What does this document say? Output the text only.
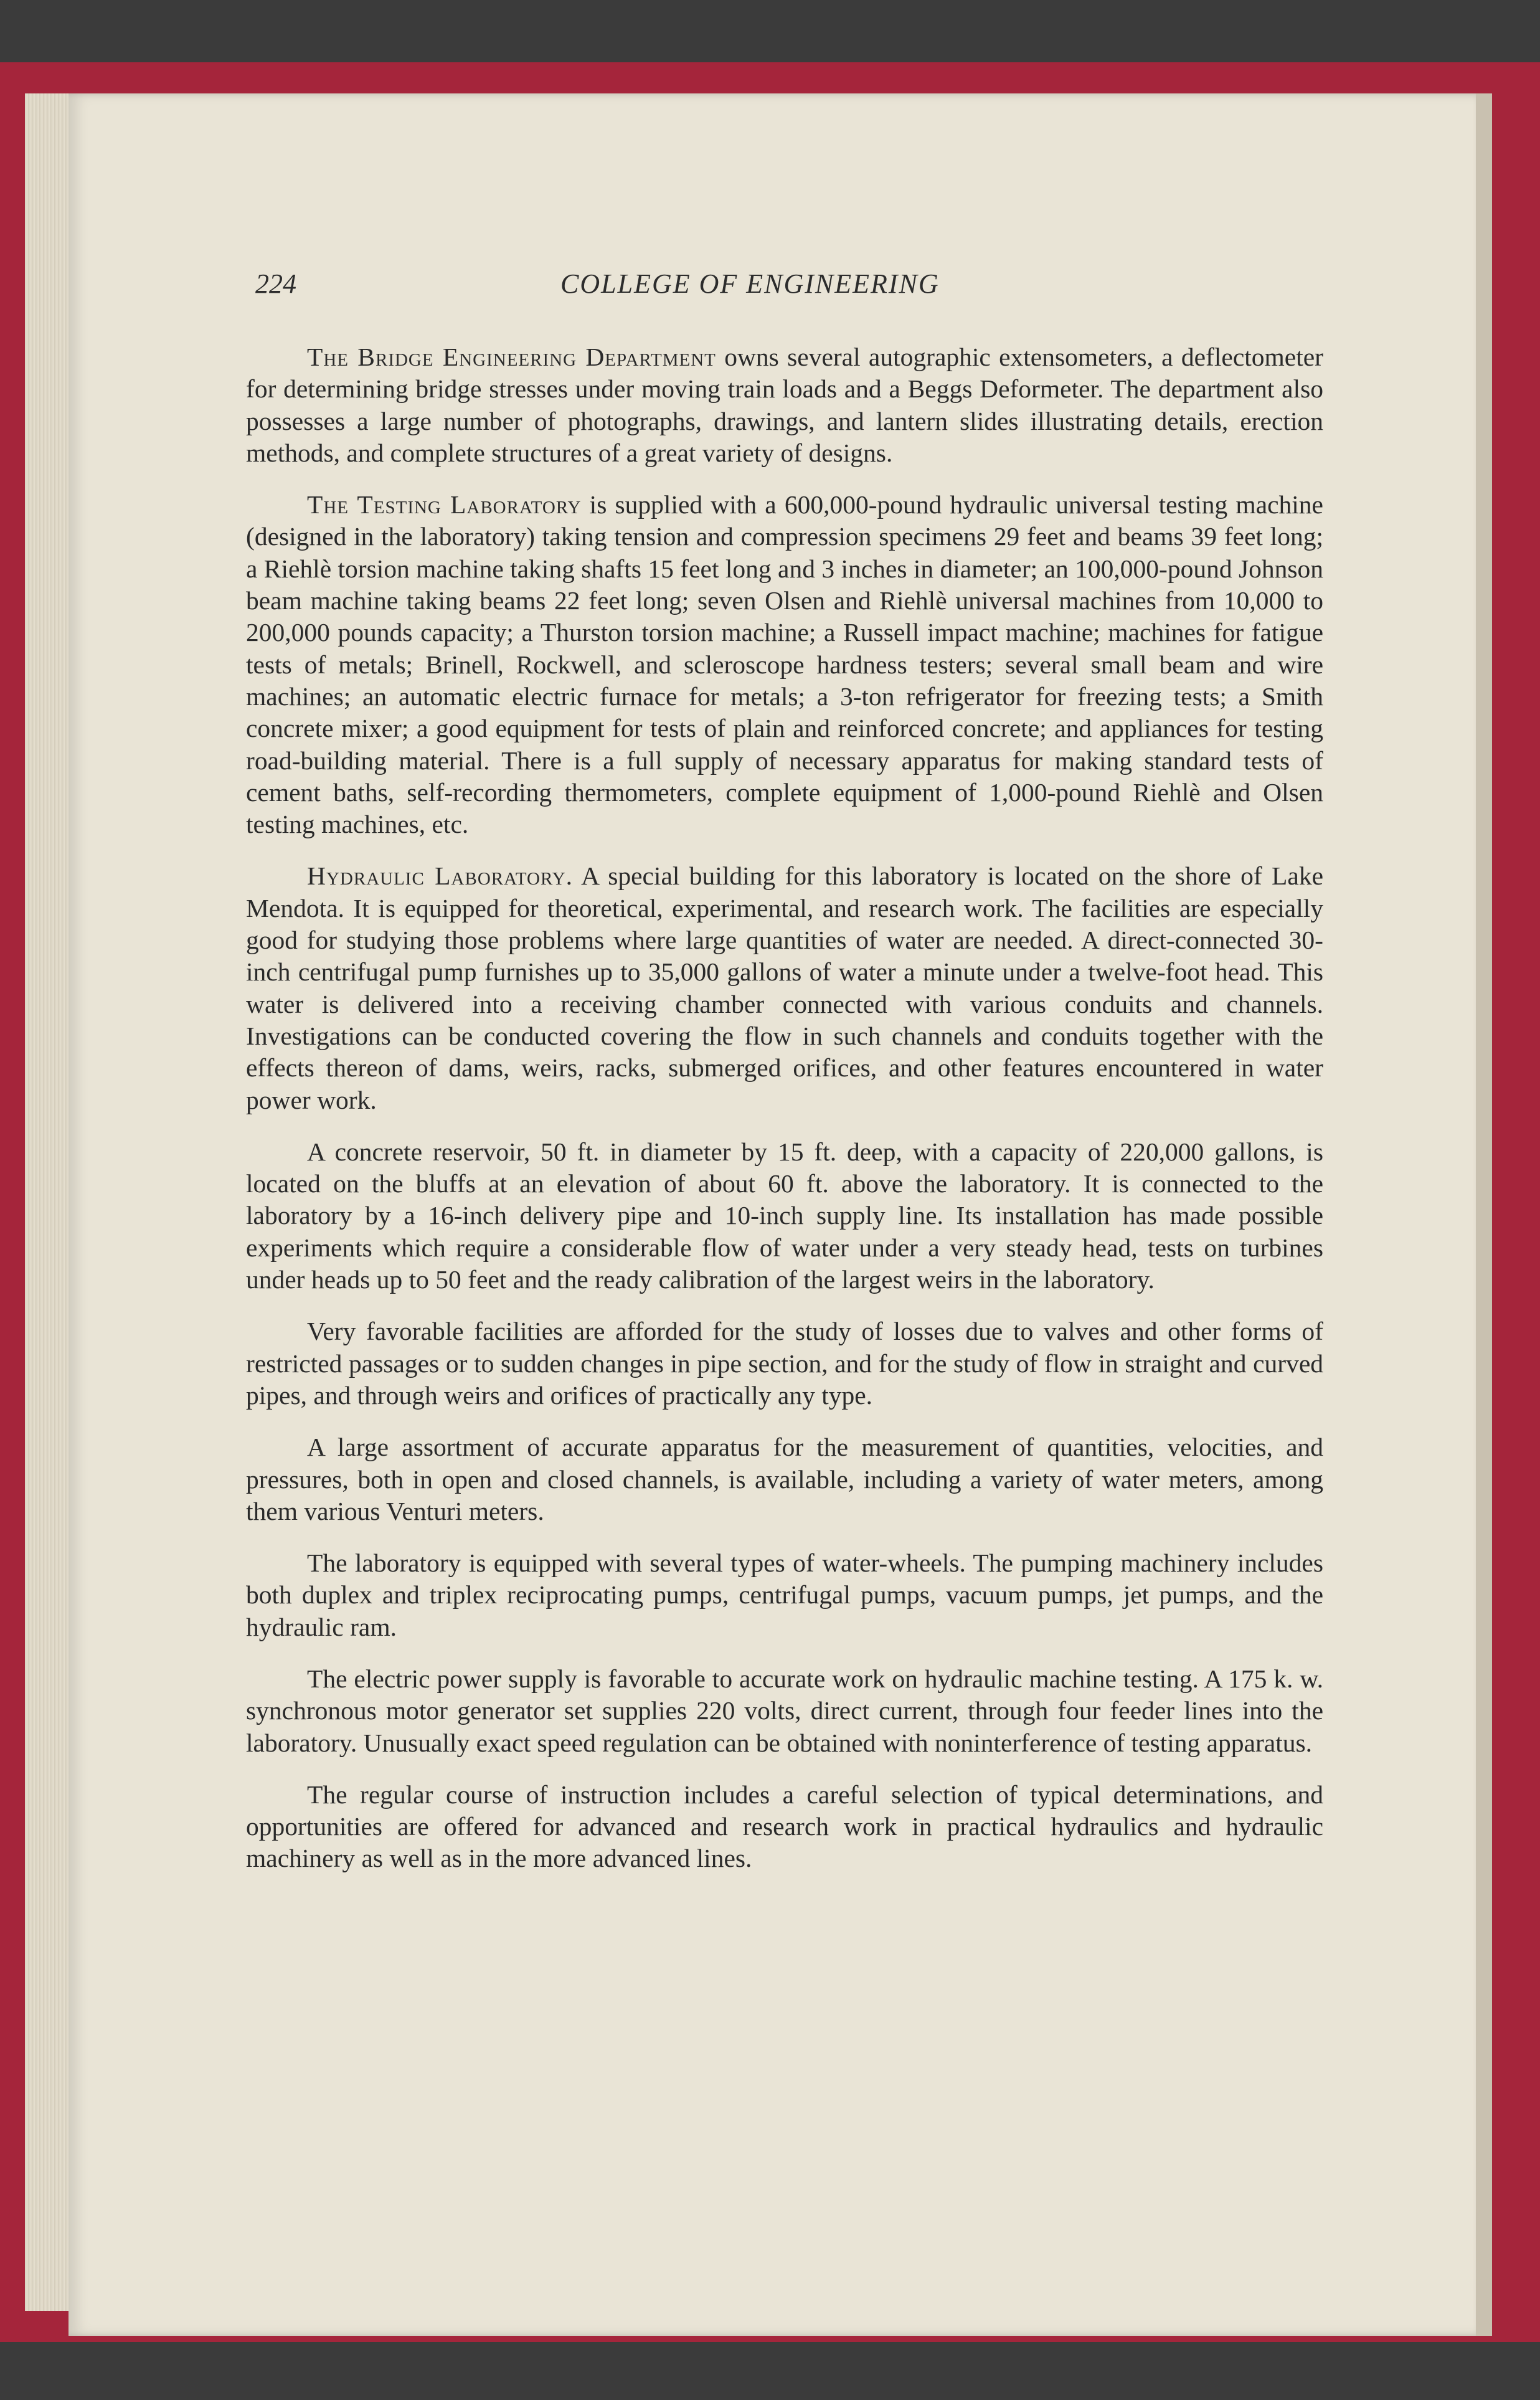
224	COLLEGE OF ENGINEERING

The Bridge Engineering Department owns several autographic extensometers, a deflectometer for determining bridge stresses under moving train loads and a Beggs Deformeter. The department also possesses a large number of photographs, drawings, and lantern slides illustrating details, erection methods, and complete structures of a great variety of designs.

The Testing Laboratory is supplied with a 600,000-pound hydraulic universal testing machine (designed in the laboratory) taking tension and compression specimens 29 feet and beams 39 feet long; a Riehlè torsion machine taking shafts 15 feet long and 3 inches in diameter; an 100,000-pound Johnson beam machine taking beams 22 feet long; seven Olsen and Riehlè universal machines from 10,000 to 200,000 pounds capacity; a Thurston torsion machine; a Russell impact machine; machines for fatigue tests of metals; Brinell, Rockwell, and scleroscope hardness testers; several small beam and wire machines; an automatic electric furnace for metals; a 3-ton refrigerator for freezing tests; a Smith concrete mixer; a good equipment for tests of plain and reinforced concrete; and appliances for testing road-building material. There is a full supply of necessary apparatus for making standard tests of cement baths, self-recording thermometers, complete equipment of 1,000-pound Riehlè and Olsen testing machines, etc.

Hydraulic Laboratory. A special building for this laboratory is located on the shore of Lake Mendota. It is equipped for theoretical, experimental, and research work. The facilities are especially good for studying those problems where large quantities of water are needed. A direct-connected 30-inch centrifugal pump furnishes up to 35,000 gallons of water a minute under a twelve-foot head. This water is delivered into a receiving chamber connected with various conduits and channels. Investigations can be conducted covering the flow in such channels and conduits together with the effects thereon of dams, weirs, racks, submerged orifices, and other features encountered in water power work.

A concrete reservoir, 50 ft. in diameter by 15 ft. deep, with a capacity of 220,000 gallons, is located on the bluffs at an elevation of about 60 ft. above the laboratory. It is connected to the laboratory by a 16-inch delivery pipe and 10-inch supply line. Its installation has made possible experiments which require a considerable flow of water under a very steady head, tests on turbines under heads up to 50 feet and the ready calibration of the largest weirs in the laboratory.

Very favorable facilities are afforded for the study of losses due to valves and other forms of restricted passages or to sudden changes in pipe section, and for the study of flow in straight and curved pipes, and through weirs and orifices of practically any type.

A large assortment of accurate apparatus for the measurement of quantities, velocities, and pressures, both in open and closed channels, is available, including a variety of water meters, among them various Venturi meters.

The laboratory is equipped with several types of water-wheels. The pumping machinery includes both duplex and triplex reciprocating pumps, centrifugal pumps, vacuum pumps, jet pumps, and the hydraulic ram.

The electric power supply is favorable to accurate work on hydraulic machine testing. A 175 k. w. synchronous motor generator set supplies 220 volts, direct current, through four feeder lines into the laboratory. Unusually exact speed regulation can be obtained with noninterference of testing apparatus.

The regular course of instruction includes a careful selection of typical determinations, and opportunities are offered for advanced and research work in practical hydraulics and hydraulic machinery as well as in the more advanced lines.
